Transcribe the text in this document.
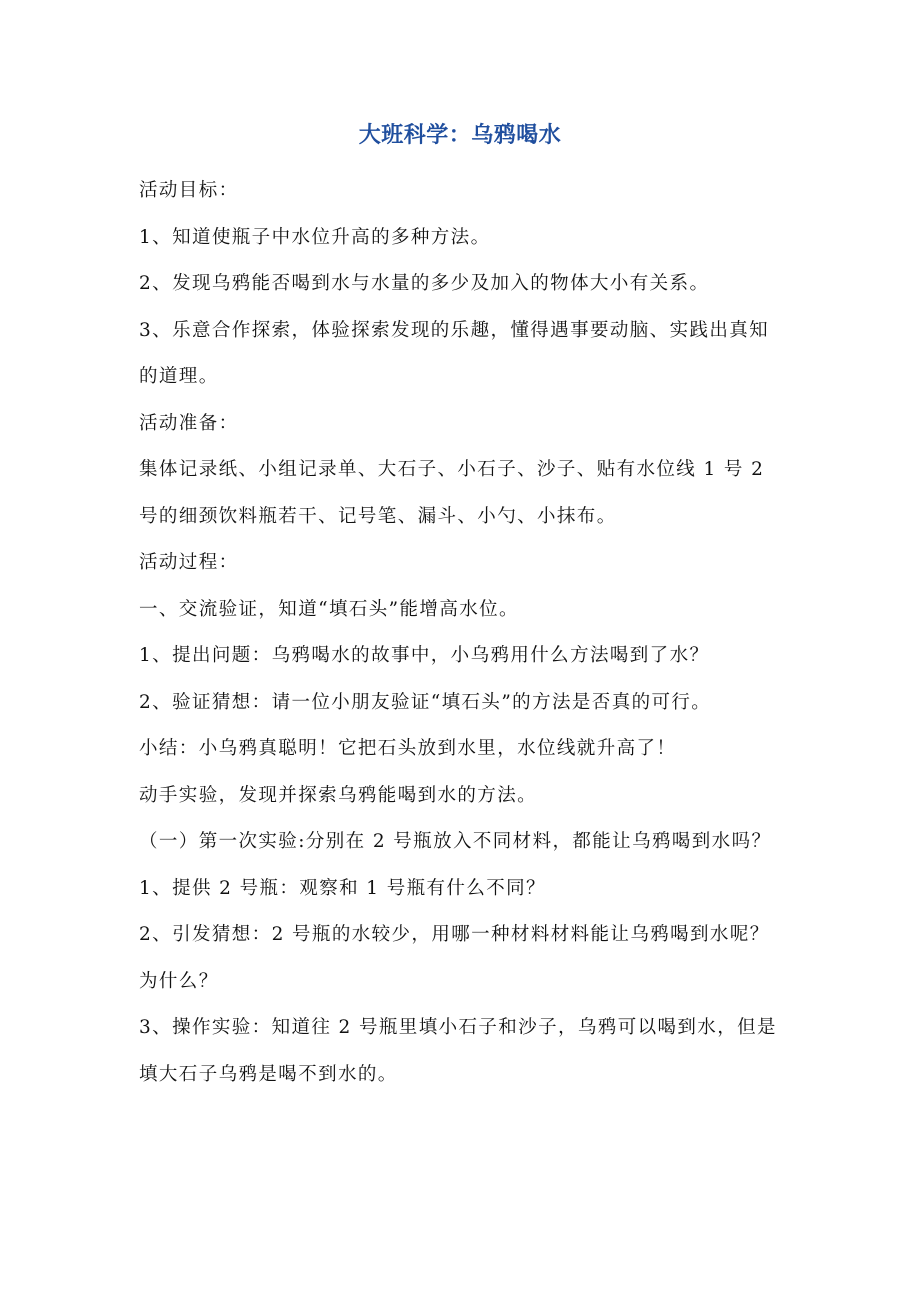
大班科学：乌鸦喝水

活动目标：

1、知道使瓶子中水位升高的多种方法。

2、发现乌鸦能否喝到水与水量的多少及加入的物体大小有关系。

3、乐意合作探索，体验探索发现的乐趣，懂得遇事要动脑、实践出真知的道理。

活动准备：

集体记录纸、小组记录单、大石子、小石子、沙子、贴有水位线 1 号 2 号的细颈饮料瓶若干、记号笔、漏斗、小勺、小抹布。

活动过程：

一、交流验证，知道“填石头”能增高水位。

1、提出问题：乌鸦喝水的故事中，小乌鸦用什么方法喝到了水？

2、验证猜想：请一位小朋友验证“填石头”的方法是否真的可行。

小结：小乌鸦真聪明！它把石头放到水里，水位线就升高了！

动手实验，发现并探索乌鸦能喝到水的方法。

（一）第一次实验:分别在 2 号瓶放入不同材料，都能让乌鸦喝到水吗？

1、提供 2 号瓶：观察和 1 号瓶有什么不同？

2、引发猜想：2 号瓶的水较少，用哪一种材料材料能让乌鸦喝到水呢？为什么？

3、操作实验：知道往 2 号瓶里填小石子和沙子，乌鸦可以喝到水，但是填大石子乌鸦是喝不到水的。
